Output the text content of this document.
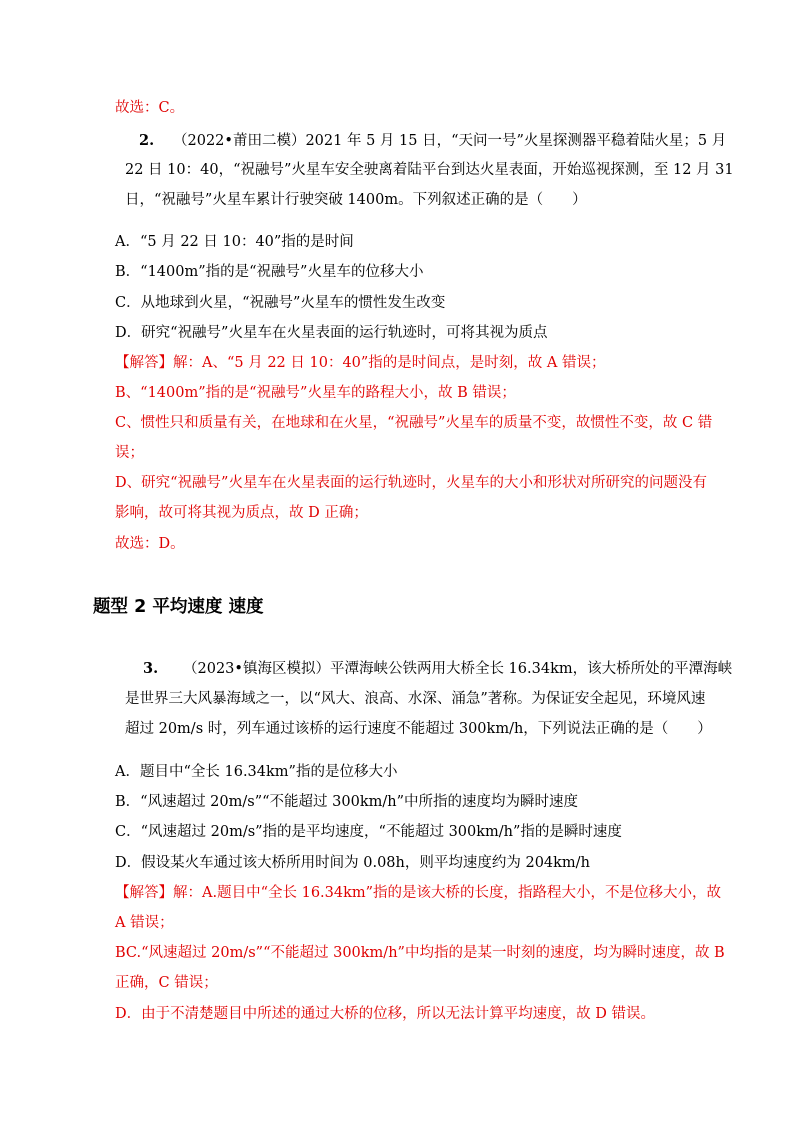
故选：C。
2. （2022•莆田二模）2021 年 5 月 15 日，“天问一号”火星探测器平稳着陆火星；5 月
22 日 10：40，“祝融号”火星车安全驶离着陆平台到达火星表面，开始巡视探测，至 12 月 31
日，“祝融号”火星车累计行驶突破 1400m。下列叙述正确的是（　　）
A．“5 月 22 日 10：40”指的是时间
B．“1400m”指的是“祝融号”火星车的位移大小
C．从地球到火星，“祝融号”火星车的惯性发生改变
D．研究“祝融号”火星车在火星表面的运行轨迹时，可将其视为质点
【解答】解：A、“5 月 22 日 10：40”指的是时间点，是时刻，故 A 错误；
B、“1400m”指的是“祝融号”火星车的路程大小，故 B 错误；
C、惯性只和质量有关，在地球和在火星，“祝融号”火星车的质量不变，故惯性不变，故 C 错
误；
D、研究“祝融号”火星车在火星表面的运行轨迹时，火星车的大小和形状对所研究的问题没有
影响，故可将其视为质点，故 D 正确；
故选：D。
题型 2 平均速度 速度
3. （2023•镇海区模拟）平潭海峡公铁两用大桥全长 16.34km，该大桥所处的平潭海峡
是世界三大风暴海域之一，以“风大、浪高、水深、涌急”著称。为保证安全起见，环境风速
超过 20m/s 时，列车通过该桥的运行速度不能超过 300km/h，下列说法正确的是（　　）
A．题目中“全长 16.34km”指的是位移大小
B．“风速超过 20m/s”“不能超过 300km/h”中所指的速度均为瞬时速度
C．“风速超过 20m/s”指的是平均速度，“不能超过 300km/h”指的是瞬时速度
D．假设某火车通过该大桥所用时间为 0.08h，则平均速度约为 204km/h
【解答】解：A.题目中“全长 16.34km”指的是该大桥的长度，指路程大小，不是位移大小，故
A 错误；
BC.“风速超过 20m/s”“不能超过 300km/h”中均指的是某一时刻的速度，均为瞬时速度，故 B
正确，C 错误；
D．由于不清楚题目中所述的通过大桥的位移，所以无法计算平均速度，故 D 错误。
